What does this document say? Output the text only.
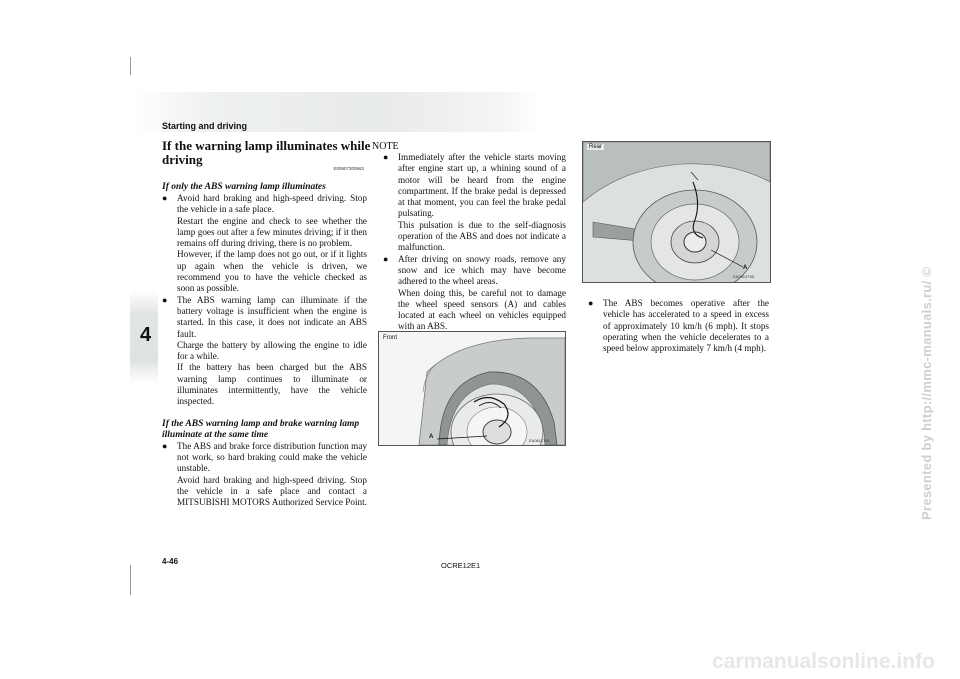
Starting and driving
4
If the warning lamp illuminates while driving
E00607300663
If only the ABS warning lamp illuminates
● Avoid hard braking and high-speed driving. Stop the vehicle in a safe place.

Restart the engine and check to see whether the lamp goes out after a few minutes driving; if it then remains off during driving, there is no problem.

However, if the lamp does not go out, or if it lights up again when the vehicle is driven, we recommend you to have the vehicle checked as soon as possible.

● The ABS warning lamp can illuminate if the battery voltage is insufficient when the engine is started. In this case, it does not indicate an ABS fault.

Charge the battery by allowing the engine to idle for a while.

If the battery has been charged but the ABS warning lamp continues to illuminate or illuminates intermittently, have the vehicle inspected.

If the ABS warning lamp and brake warning lamp illuminate at the same time
● The ABS and brake force distribution function may not work, so hard braking could make the vehicle unstable.

Avoid hard braking and high-speed driving. Stop the vehicle in a safe place and contact a MITSUBISHI MOTORS Authorized Service Point.

NOTE
● Immediately after the vehicle starts moving after engine start up, a whining sound of a motor will be heard from the engine compartment. If the brake pedal is depressed at that moment, you can feel the brake pedal pulsating.

This pulsation is due to the self-diagnosis operation of the ABS and does not indicate a malfunction.

● After driving on snowy roads, remove any snow and ice which may have become adhered to the wheel areas.

When doing this, be careful not to damage the wheel speed sensors (A) and cables located at each wheel on vehicles equipped with an ABS.

Front
A
EA0611T61
Rear
A
EA0610T55
● The ABS becomes operative after the vehicle has accelerated to a speed in excess of approximately 10 km/h (6 mph). It stops operating when the vehicle decelerates to a speed below approximately 7 km/h (4 mph).

4-46	OCRE12E1
Presented by http://mmc-manuals.ru/ ©
carmanualsonline.info
